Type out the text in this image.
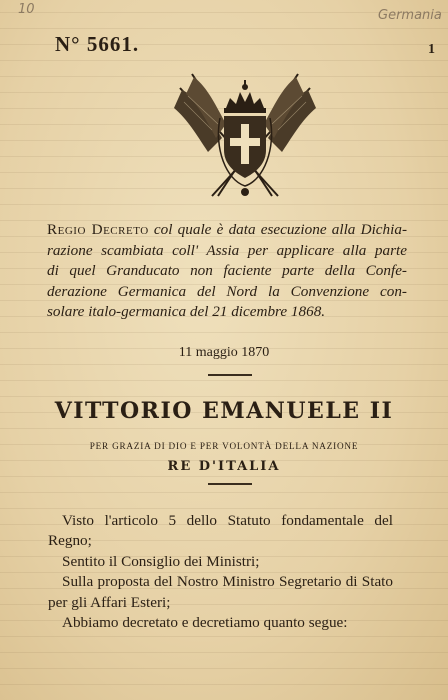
10	Germania
N° 5661.	1
Regio Decreto col quale è data esecuzione alla Dichia-
razione scambiata coll' Assia per applicare alla parte
di quel Granducato non faciente parte della Confe-
derazione Germanica del Nord la Convenzione con-
solare italo-germanica del 21 dicembre 1868.
11 maggio 1870
VITTORIO EMANUELE II
PER GRAZIA DI DIO E PER VOLONTÀ DELLA NAZIONE
RE D'ITALIA

Visto l'articolo 5 dello Statuto fondamentale del

Regno;

Sentito il Consiglio dei Ministri;

Sulla proposta del Nostro Ministro Segretario di Stato

per gli Affari Esteri;

Abbiamo decretato e decretiamo quanto segue:
